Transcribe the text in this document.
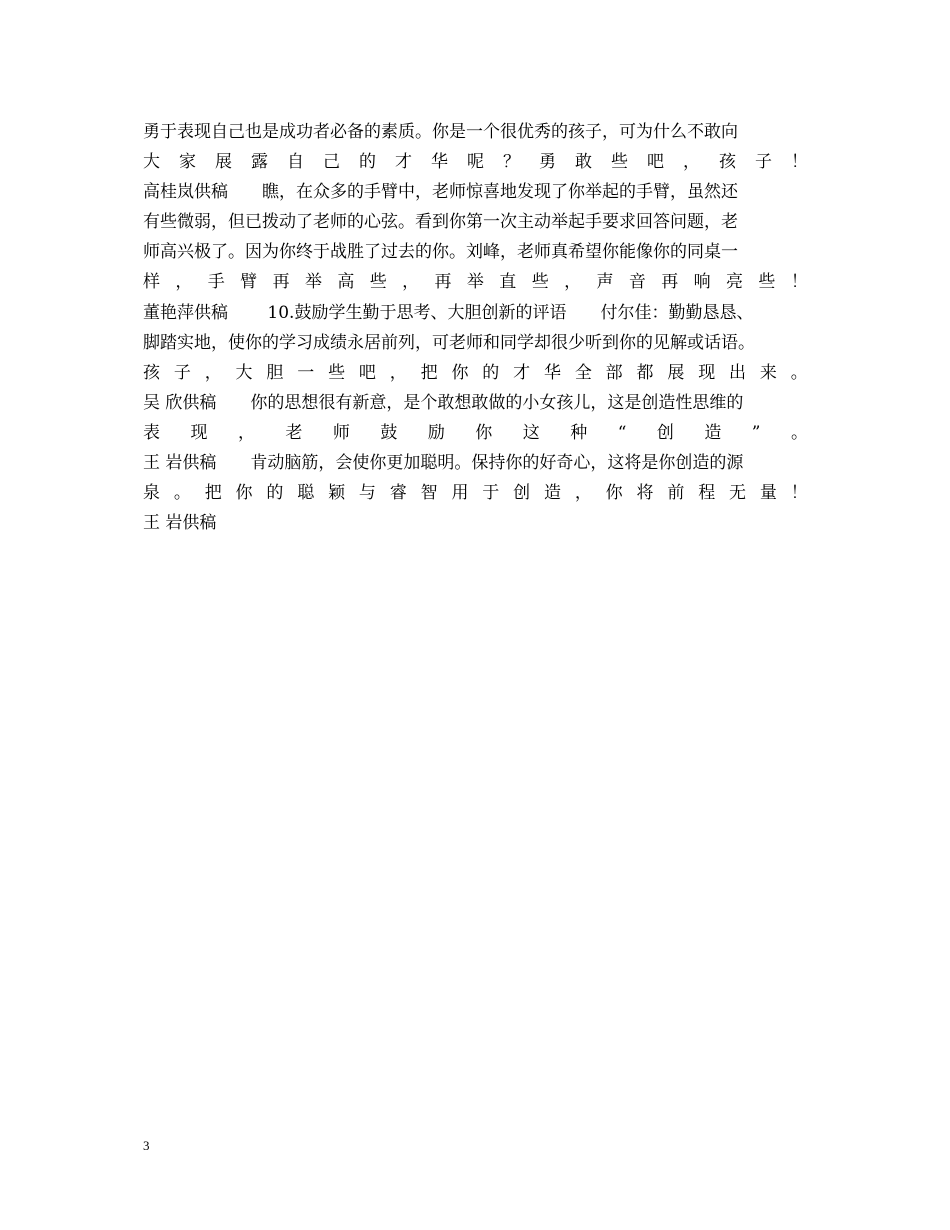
勇于表现自己也是成功者必备的素质。你是一个很优秀的孩子，可为什么不敢向
大 家 展 露 自 己 的 才 华 呢 ？ 勇 敢 些 吧 ， 孩 子 ！
高桂岚供稿　　瞧，在众多的手臂中，老师惊喜地发现了你举起的手臂，虽然还
有些微弱，但已拨动了老师的心弦。看到你第一次主动举起手要求回答问题，老
师高兴极了。因为你终于战胜了过去的你。刘峰，老师真希望你能像你的同桌一
样 ， 手 臂 再 举 高 些 ， 再 举 直 些 ， 声 音 再 响 亮 些 ！
董艳萍供稿　　 10.鼓励学生勤于思考、大胆创新的评语　　付尔佳：勤勤恳恳、
脚踏实地，使你的学习成绩永居前列，可老师和同学却很少听到你的见解或话语。
孩 子 ， 大 胆 一 些 吧 ， 把 你 的 才 华 全 部 都 展 现 出 来 。
吴 欣供稿　　你的思想很有新意，是个敢想敢做的小女孩儿，这是创造性思维的
表 现 ， 老 师 鼓 励 你 这 种 “ 创 造 ” 。
王 岩供稿　　肯动脑筋，会使你更加聪明。保持你的好奇心，这将是你创造的源
泉 。 把 你 的 聪 颖 与 睿 智 用 于 创 造 ， 你 将 前 程 无 量 ！
王 岩供稿
3
